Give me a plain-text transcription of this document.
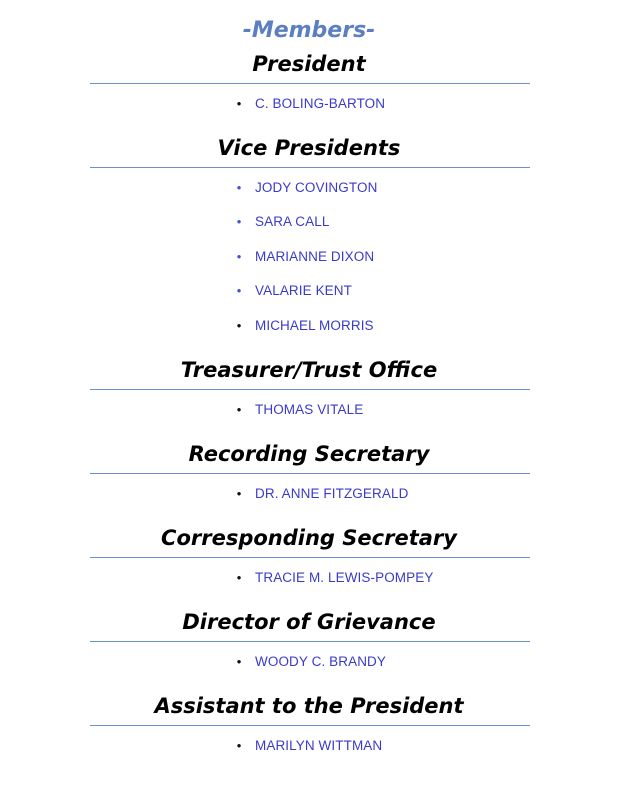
-Members-
President
•	C. BOLING-BARTON
Vice Presidents
•	JODY COVINGTON
•	SARA CALL
•	MARIANNE DIXON
•	VALARIE KENT
•	MICHAEL MORRIS
Treasurer/Trust Office
•	THOMAS VITALE
Recording Secretary
•	DR. ANNE FITZGERALD
Corresponding Secretary
•	TRACIE M. LEWIS-POMPEY
Director of Grievance
•	WOODY C. BRANDY
Assistant to the President
•	MARILYN WITTMAN
